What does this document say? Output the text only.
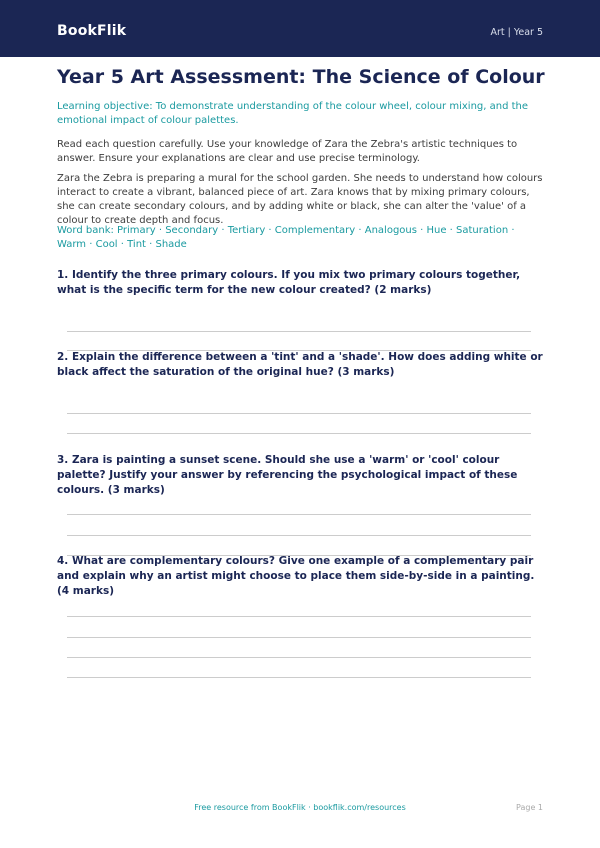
BookFlik	Art | Year 5
Year 5 Art Assessment: The Science of Colour

Learning objective: To demonstrate understanding of the colour wheel, colour mixing, and the emotional impact of colour palettes.

Read each question carefully. Use your knowledge of Zara the Zebra's artistic techniques to answer. Ensure your explanations are clear and use precise terminology.

Zara the Zebra is preparing a mural for the school garden. She needs to understand how colours interact to create a vibrant, balanced piece of art. Zara knows that by mixing primary colours, she can create secondary colours, and by adding white or black, she can alter the 'value' of a colour to create depth and focus.

Word bank: Primary · Secondary · Tertiary · Complementary · Analogous · Hue · Saturation · Warm · Cool · Tint · Shade

1. Identify the three primary colours. If you mix two primary colours together, what is the specific term for the new colour created? (2 marks)

2. Explain the difference between a 'tint' and a 'shade'. How does adding white or black affect the saturation of the original hue? (3 marks)

3. Zara is painting a sunset scene. Should she use a 'warm' or 'cool' colour palette? Justify your answer by referencing the psychological impact of these colours. (3 marks)

4. What are complementary colours? Give one example of a complementary pair and explain why an artist might choose to place them side-by-side in a painting. (4 marks)

Free resource from BookFlik · bookflik.com/resources	Page 1
